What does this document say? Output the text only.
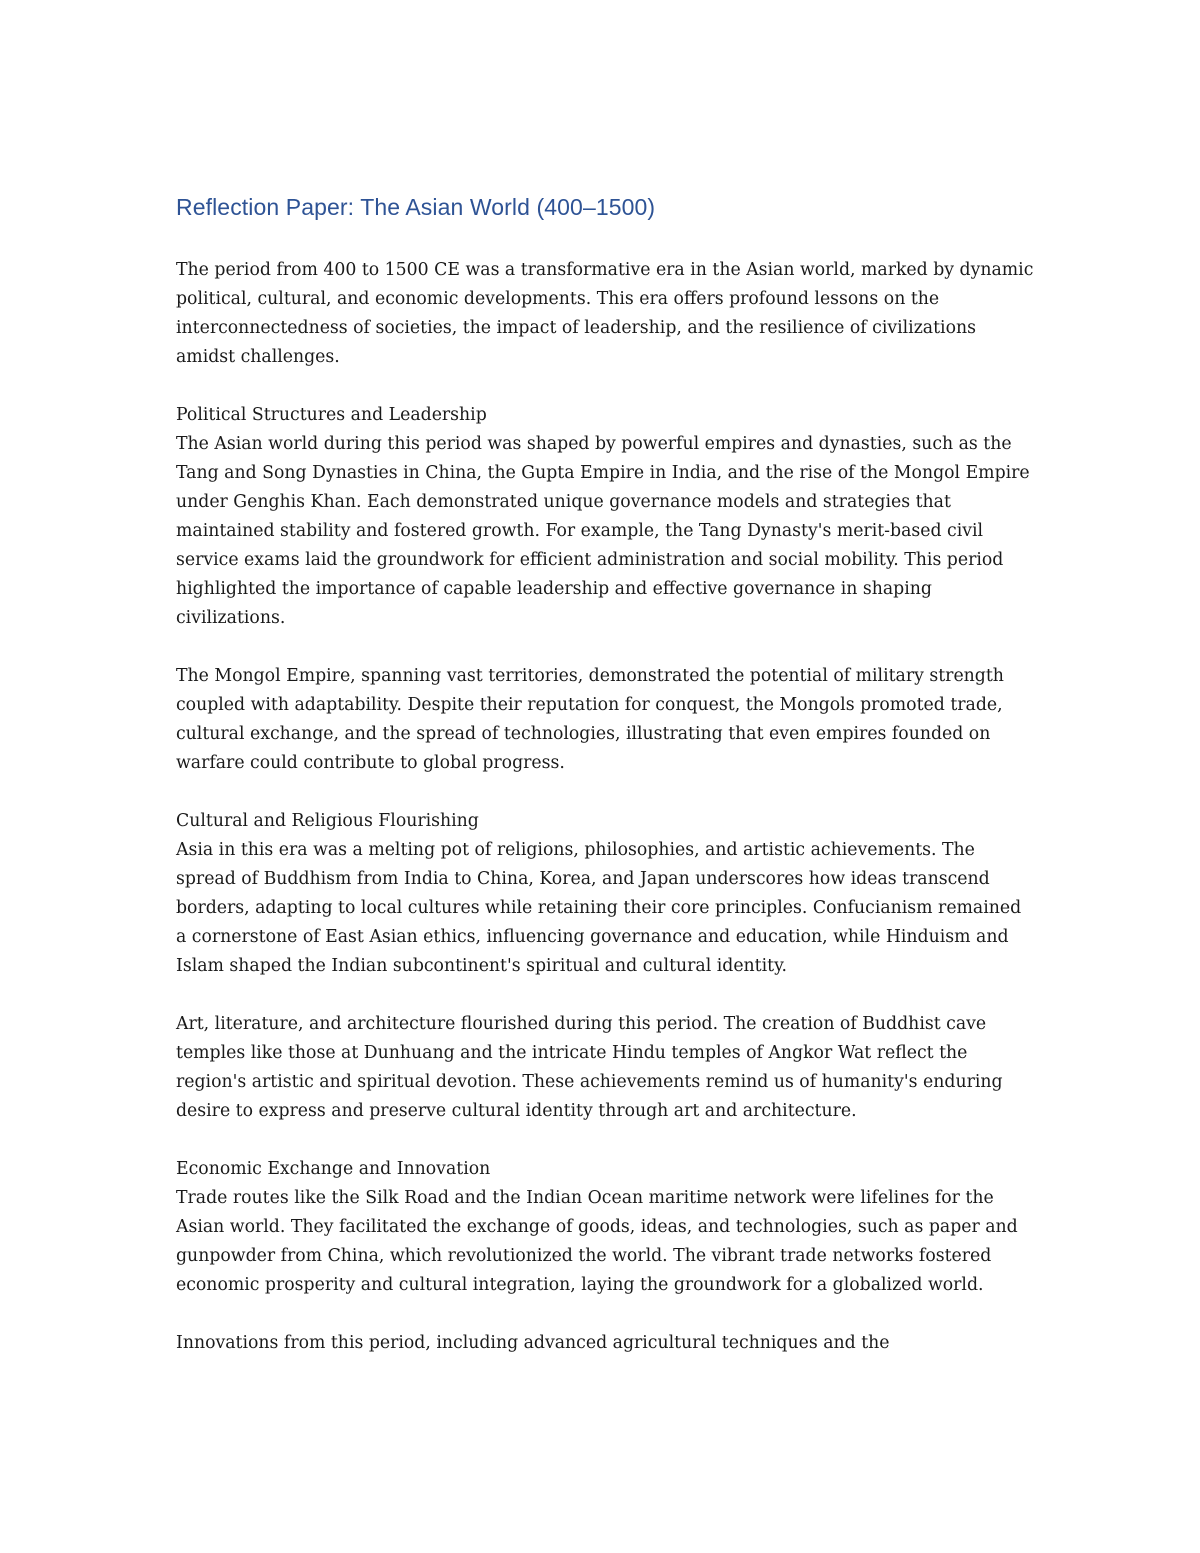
Reflection Paper: The Asian World (400–1500)

The period from 400 to 1500 CE was a transformative era in the Asian world, marked by dynamic political, cultural, and economic developments. This era offers profound lessons on the interconnectedness of societies, the impact of leadership, and the resilience of civilizations amidst challenges.

Political Structures and Leadership

The Asian world during this period was shaped by powerful empires and dynasties, such as the Tang and Song Dynasties in China, the Gupta Empire in India, and the rise of the Mongol Empire under Genghis Khan. Each demonstrated unique governance models and strategies that maintained stability and fostered growth. For example, the Tang Dynasty's merit-based civil service exams laid the groundwork for efficient administration and social mobility. This period highlighted the importance of capable leadership and effective governance in shaping civilizations.

The Mongol Empire, spanning vast territories, demonstrated the potential of military strength coupled with adaptability. Despite their reputation for conquest, the Mongols promoted trade, cultural exchange, and the spread of technologies, illustrating that even empires founded on warfare could contribute to global progress.

Cultural and Religious Flourishing

Asia in this era was a melting pot of religions, philosophies, and artistic achievements. The spread of Buddhism from India to China, Korea, and Japan underscores how ideas transcend borders, adapting to local cultures while retaining their core principles. Confucianism remained a cornerstone of East Asian ethics, influencing governance and education, while Hinduism and Islam shaped the Indian subcontinent's spiritual and cultural identity.

Art, literature, and architecture flourished during this period. The creation of Buddhist cave temples like those at Dunhuang and the intricate Hindu temples of Angkor Wat reflect the region's artistic and spiritual devotion. These achievements remind us of humanity's enduring desire to express and preserve cultural identity through art and architecture.

Economic Exchange and Innovation

Trade routes like the Silk Road and the Indian Ocean maritime network were lifelines for the Asian world. They facilitated the exchange of goods, ideas, and technologies, such as paper and gunpowder from China, which revolutionized the world. The vibrant trade networks fostered economic prosperity and cultural integration, laying the groundwork for a globalized world.

Innovations from this period, including advanced agricultural techniques and the
